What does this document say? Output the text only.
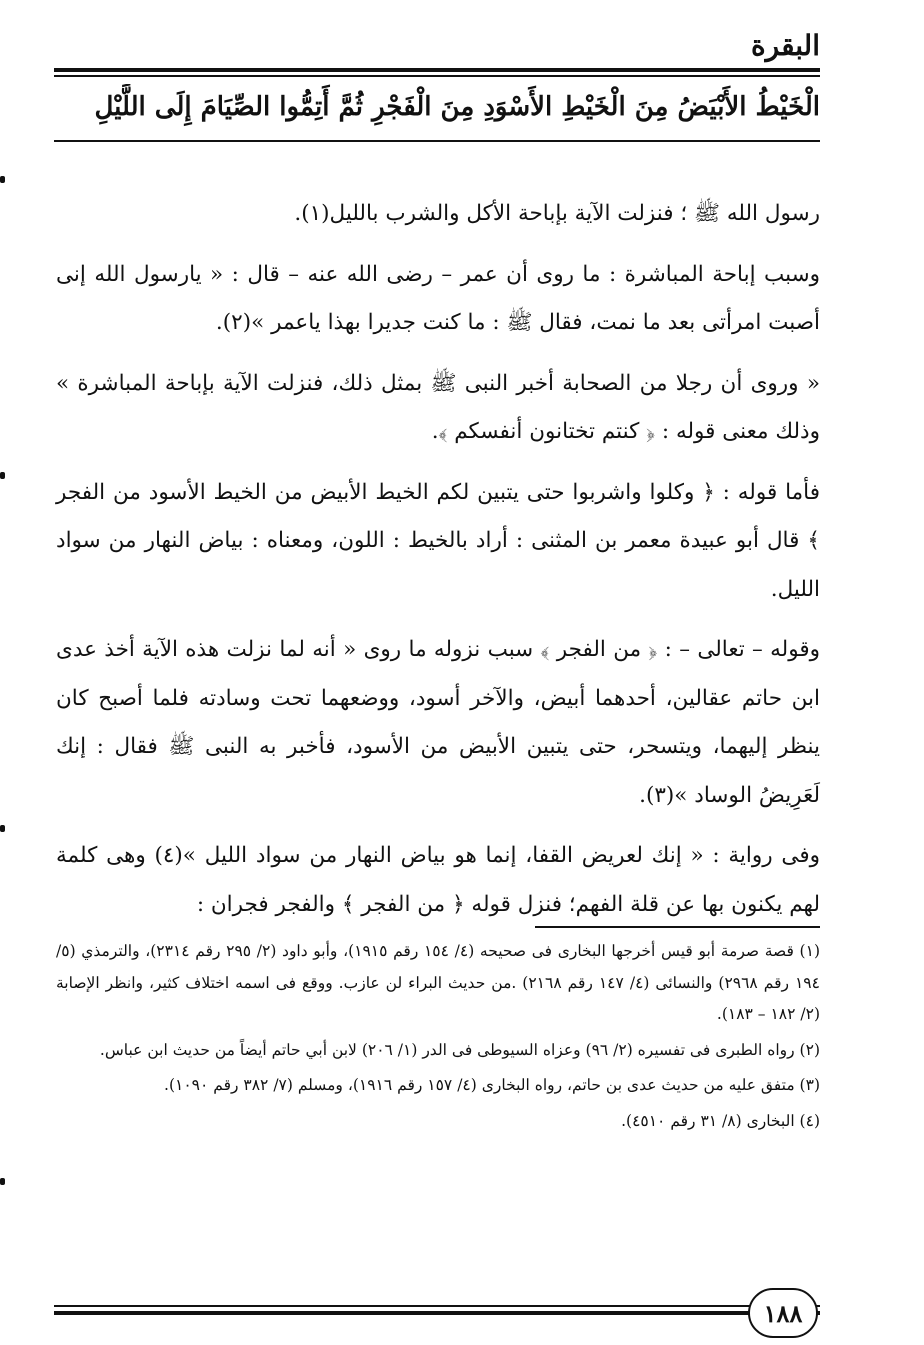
البقرة
الْخَيْطُ الأَبْيَضُ مِنَ الْخَيْطِ الأَسْوَدِ مِنَ الْفَجْرِ ثُمَّ أَتِمُّوا الصِّيَامَ إِلَى اللَّيْلِ

رسول الله ﷺ ؛ فنزلت الآية بإباحة الأكل والشرب بالليل(١).

وسبب إباحة المباشرة : ما روى أن عمر – رضى الله عنه – قال : « يارسول الله إنى أصبت امرأتى بعد ما نمت، فقال ﷺ : ما كنت جديرا بهذا ياعمر »(٢).

« وروى أن رجلا من الصحابة أخبر النبى ﷺ بمثل ذلك، فنزلت الآية بإباحة المباشرة » وذلك معنى قوله : ﴿ كنتم تختانون أنفسكم ﴾.

فأما قوله : ﴿ وكلوا واشربوا حتى يتبين لكم الخيط الأبيض من الخيط الأسود من الفجر ﴾ قال أبو عبيدة معمر بن المثنى : أراد بالخيط : اللون، ومعناه : بياض النهار من سواد الليل.

وقوله – تعالى – : ﴿ من الفجر ﴾ سبب نزوله ما روى « أنه لما نزلت هذه الآية أخذ عدى ابن حاتم عقالين، أحدهما أبيض، والآخر أسود، ووضعهما تحت وسادته فلما أصبح كان ينظر إليهما، ويتسحر، حتى يتبين الأبيض من الأسود، فأخبر به النبى ﷺ فقال : إنك لَعَرِيضُ الوساد »(٣).

وفى رواية : « إنك لعريض القفا، إنما هو بياض النهار من سواد الليل »(٤) وهى كلمة لهم يكنون بها عن قلة الفهم؛ فنزل قوله ﴿ من الفجر ﴾ والفجر فجران :

(١) قصة صرمة أبو قيس أخرجها البخارى فى صحيحه (٤/ ١٥٤ رقم ١٩١٥)، وأبو داود (٢/ ٢٩٥ رقم ٢٣١٤)، والترمذي (٥/ ١٩٤ رقم ٢٩٦٨) والنسائى (٤/ ١٤٧ رقم ٢١٦٨) .من حديث البراء لن عازب. ووقع فى اسمه اختلاف كثير، وانظر الإصابة (٢/ ١٨٢ – ١٨٣).

(٢) رواه الطبرى فى تفسيره (٢/ ٩٦) وعزاه السيوطى فى الدر (١/ ٢٠٦) لابن أبي حاتم أيضاً من حديث ابن عباس.

(٣) متفق عليه من حديث عدى بن حاتم، رواه البخارى (٤/ ١٥٧ رقم ١٩١٦)، ومسلم (٧/ ٣٨٢ رقم ١٠٩٠).

(٤) البخارى (٨/ ٣١ رقم ٤٥١٠).

١٨٨
